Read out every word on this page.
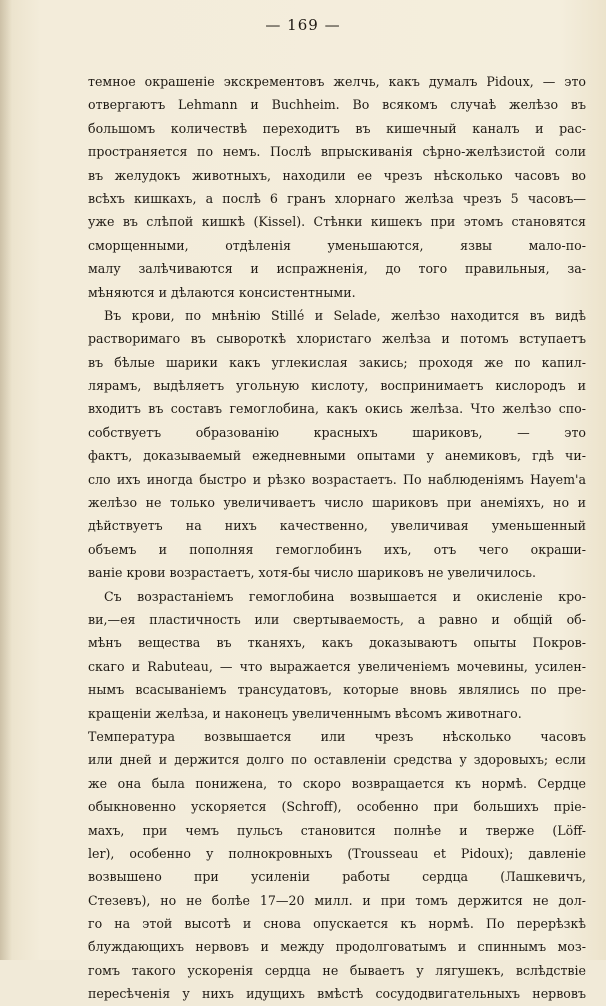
— 169 —
темное окрашенiе экскрементовъ желчь, какъ думалъ Pidoux, — это
отвергаютъ Lehmann и Buchheim. Во всякомъ случаѣ желѣзо въ
большомъ количествѣ переходитъ въ кишечный каналъ и рас-
пространяется по немъ. Послѣ впрыскиванiя сѣрно-желѣзистой соли
въ желудокъ животныхъ, находили ее чрезъ нѣсколько часовъ во
всѣхъ кишкахъ, а послѣ 6 гранъ хлорнаго желѣза чрезъ 5 часовъ—
уже въ слѣпой кишкѣ (Kissel). Стѣнки кишекъ при этомъ становятся
сморщенными, отдѣленiя уменьшаются, язвы мало-по-
малу залѣчиваются и испражненiя, до того правильныя, за-
мѣняются и дѣлаются консистентными.
Въ крови, по мнѣнiю Stillé и Selade, желѣзо находится въ видѣ
растворимаго въ сывороткѣ хлористаго желѣза и потомъ вступаетъ
въ бѣлые шарики какъ углекислая закись; проходя же по капил-
лярамъ, выдѣляетъ угольную кислоту, воспринимаетъ кислородъ и
входитъ въ составъ гемоглобина, какъ окись желѣза. Что желѣзо спо-
собствуетъ образованiю красныхъ шариковъ, — это
фактъ, доказываемый ежедневными опытами у анемиковъ, гдѣ чи-
сло ихъ иногда быстро и рѣзко возрастаетъ. По наблюденiямъ Hayem'а
желѣзо не только увеличиваетъ число шариковъ при анемiяхъ, но и
дѣйствуетъ на нихъ качественно, увеличивая уменьшенный
объемъ и пополняя гемоглобинъ ихъ, отъ чего окраши-
ванiе крови возрастаетъ, хотя-бы число шариковъ не увеличилось.
Съ возрастанiемъ гемоглобина возвышается и окисленiе кро-
ви,—ея пластичность или свертываемость, а равно и общiй об-
мѣнъ вещества въ тканяхъ, какъ доказываютъ опыты Покров-
скаго и Rabuteau, — что выражается увеличенiемъ мочевины, усилен-
нымъ всасыванiемъ трансудатовъ, которые вновь являлись по пре-
кращенiи желѣза, и наконецъ увеличеннымъ вѣсомъ животнаго.
Температура возвышается или чрезъ нѣсколько часовъ
или дней и держится долго по оставленiи средства у здоровыхъ; если
же она была понижена, то скоро возвращается къ нормѣ. Сердце
обыкновенно ускоряется (Schroff), особенно при большихъ прiе-
махъ, при чемъ пульсъ становится полнѣе и тверже (Löff-
ler), особенно у полнокровныхъ (Trousseau et Pidoux); давленiе
возвышено при усиленiи работы сердца (Лашкевичъ,
Стезевъ), но не болѣе 17—20 милл. и при томъ держится не дол-
го на этой высотѣ и снова опускается къ нормѣ. По перерѣзкѣ
блуждающихъ нервовъ и между продолговатымъ и спиннымъ моз-
гомъ такого ускоренiя сердца не бываетъ у лягушекъ, вслѣдствiе
пересѣченiя у нихъ идущихъ вмѣстѣ сосудодвигательныхъ нервовъ
